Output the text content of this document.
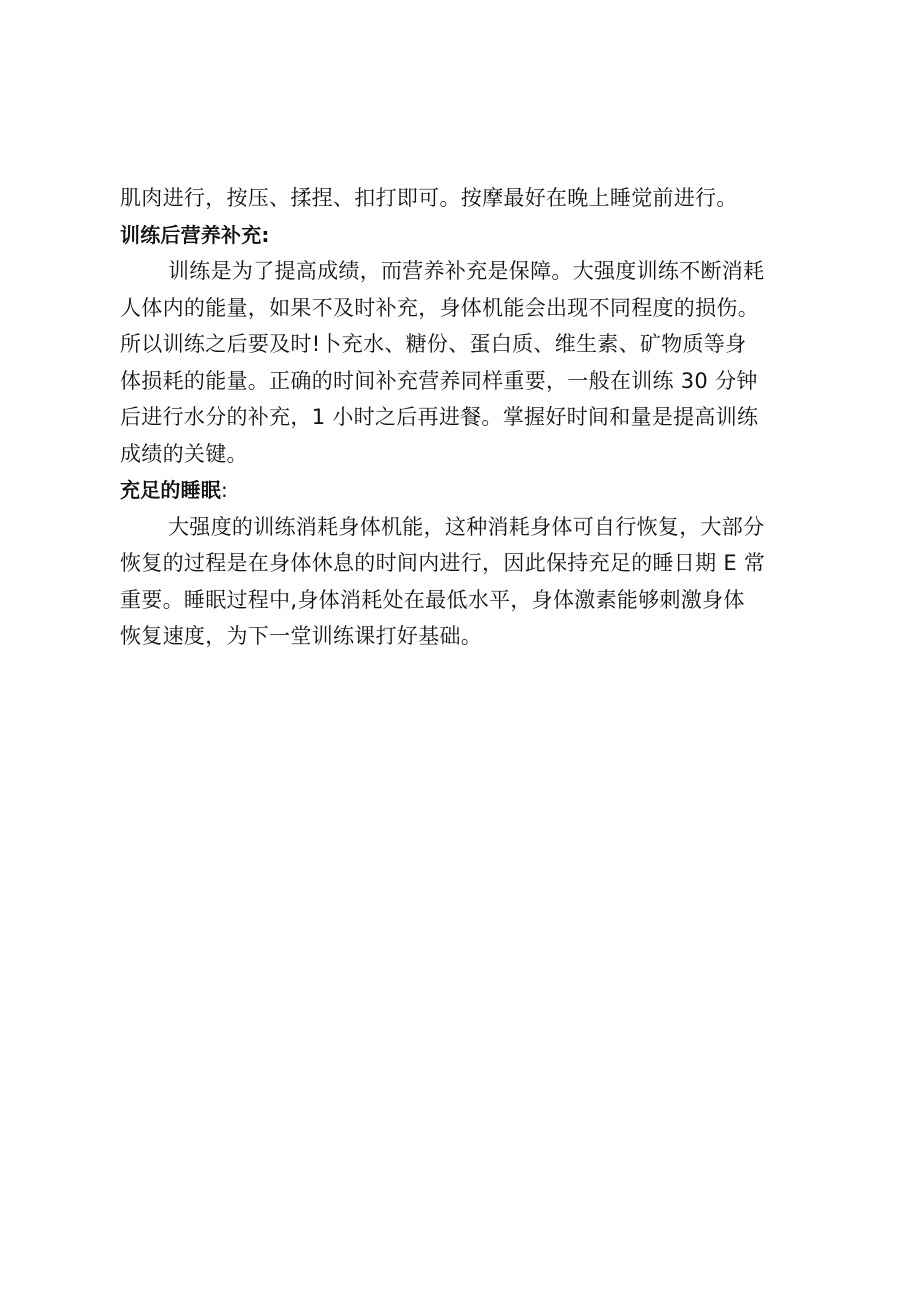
肌肉进行，按压、揉捏、扣打即可。按摩最好在晚上睡觉前进行。
训练后营养补充:
训练是为了提高成绩，而营养补充是保障。大强度训练不断消耗
人体内的能量，如果不及时补充，身体机能会出现不同程度的损伤。
所以训练之后要及时!卜充水、糖份、蛋白质、维生素、矿物质等身
体损耗的能量。正确的时间补充营养同样重要，一般在训练 30 分钟
后进行水分的补充，1 小时之后再进餐。掌握好时间和量是提高训练
成绩的关键。
充足的睡眠:
大强度的训练消耗身体机能，这种消耗身体可自行恢复，大部分
恢复的过程是在身体休息的时间内进行，因此保持充足的睡日期 E 常
重要。睡眠过程中,身体消耗处在最低水平，身体激素能够刺激身体
恢复速度，为下一堂训练课打好基础。
